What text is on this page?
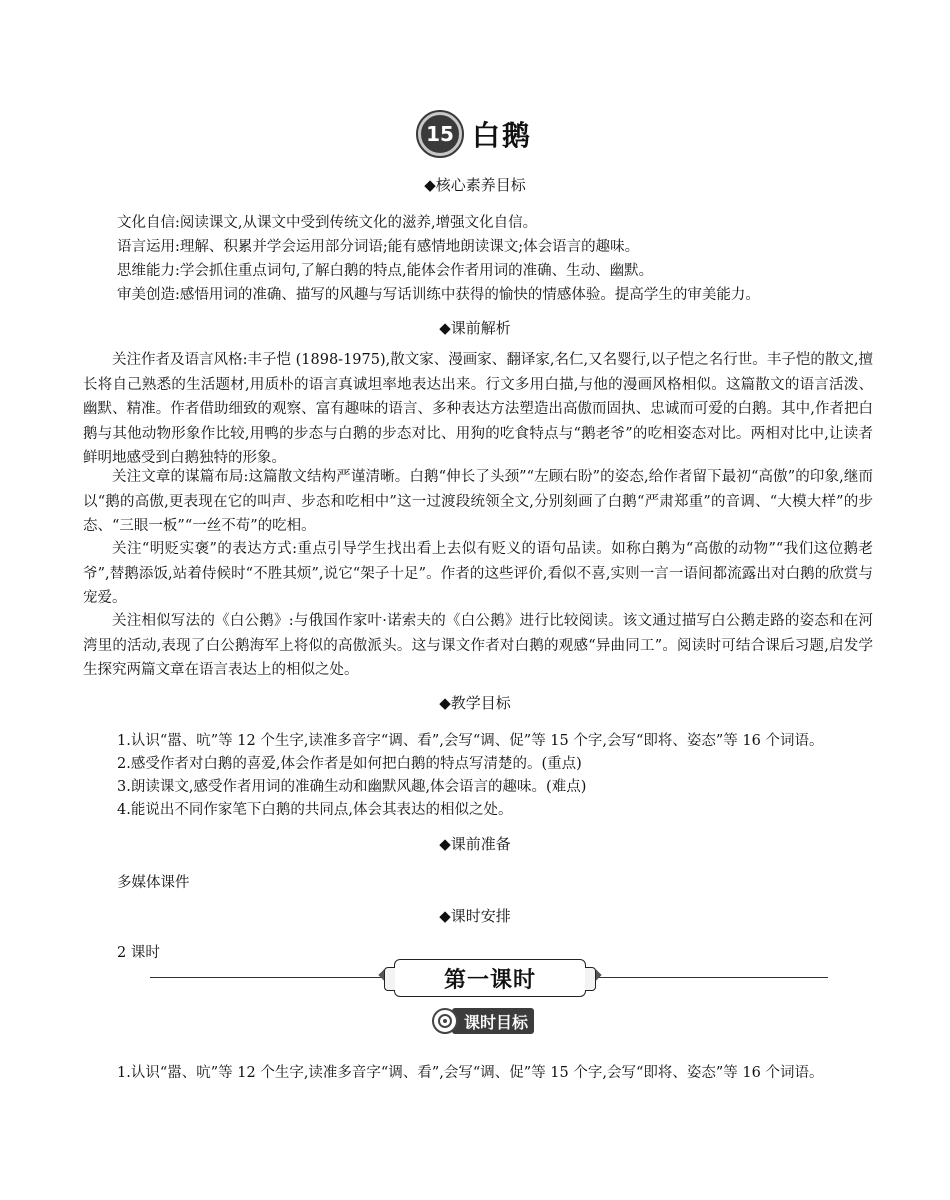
15 白鹅
◆核心素养目标
文化自信:阅读课文,从课文中受到传统文化的滋养,增强文化自信。
语言运用:理解、积累并学会运用部分词语;能有感情地朗读课文;体会语言的趣味。
思维能力:学会抓住重点词句,了解白鹅的特点,能体会作者用词的准确、生动、幽默。
审美创造:感悟用词的准确、描写的风趣与写话训练中获得的愉快的情感体验。提高学生的审美能力。
◆课前解析

关注作者及语言风格:丰子恺 (1898-1975),散文家、漫画家、翻译家,名仁,又名婴行,以子恺之名行世。丰子恺的散文,擅长将自己熟悉的生活题材,用质朴的语言真诚坦率地表达出来。行文多用白描,与他的漫画风格相似。这篇散文的语言活泼、幽默、精准。作者借助细致的观察、富有趣味的语言、多种表达方法塑造出高傲而固执、忠诚而可爱的白鹅。其中,作者把白鹅与其他动物形象作比较,用鸭的步态与白鹅的步态对比、用狗的吃食特点与“鹅老爷”的吃相姿态对比。两相对比中,让读者鲜明地感受到白鹅独特的形象。

关注文章的谋篇布局:这篇散文结构严谨清晰。白鹅“伸长了头颈”“左顾右盼”的姿态,给作者留下最初“高傲”的印象,继而以“鹅的高傲,更表现在它的叫声、步态和吃相中”这一过渡段统领全文,分别刻画了白鹅“严肃郑重”的音调、“大模大样”的步态、“三眼一板”“一丝不苟”的吃相。

关注“明贬实褒”的表达方式:重点引导学生找出看上去似有贬义的语句品读。如称白鹅为“高傲的动物”“我们这位鹅老爷”,替鹅添饭,站着侍候时“不胜其烦”,说它“架子十足”。作者的这些评价,看似不喜,实则一言一语间都流露出对白鹅的欣赏与宠爱。

关注相似写法的《白公鹅》:与俄国作家叶·诺索夫的《白公鹅》进行比较阅读。该文通过描写白公鹅走路的姿态和在河湾里的活动,表现了白公鹅海军上将似的高傲派头。这与课文作者对白鹅的观感“异曲同工”。阅读时可结合课后习题,启发学生探究两篇文章在语言表达上的相似之处。

◆教学目标
1.认识“嚣、吭”等 12 个生字,读准多音字“调、看”,会写“调、促”等 15 个字,会写“即将、姿态”等 16 个词语。
2.感受作者对白鹅的喜爱,体会作者是如何把白鹅的特点写清楚的。(重点)
3.朗读课文,感受作者用词的准确生动和幽默风趣,体会语言的趣味。(难点)
4.能说出不同作家笔下白鹅的共同点,体会其表达的相似之处。
◆课前准备
多媒体课件
◆课时安排
2 课时
第一课时
课时目标
1.认识“嚣、吭”等 12 个生字,读准多音字“调、看”,会写“调、促”等 15 个字,会写“即将、姿态”等 16 个词语。
